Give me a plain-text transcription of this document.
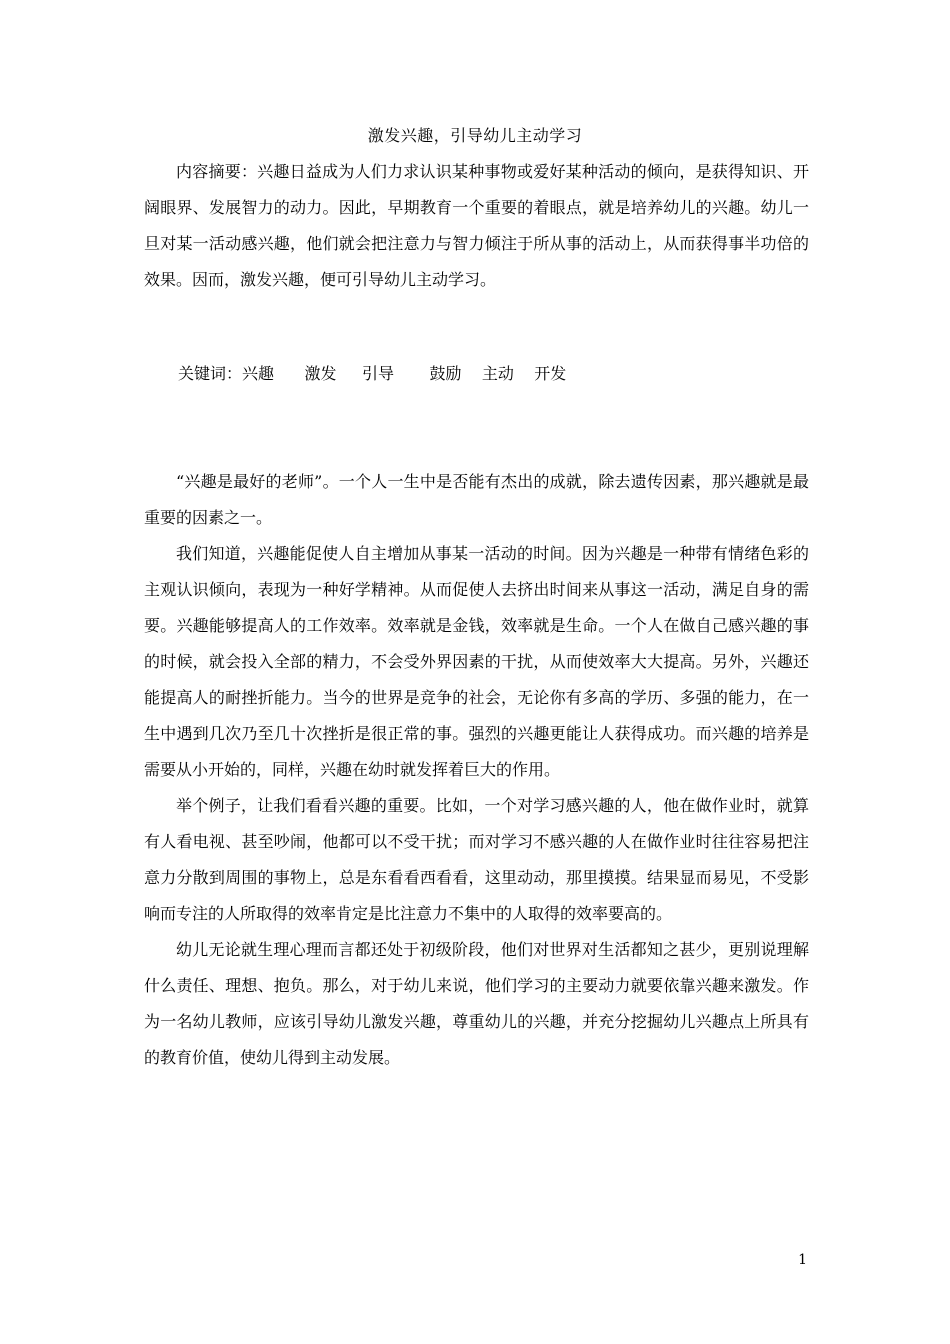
激发兴趣，引导幼儿主动学习

内容摘要：兴趣日益成为人们力求认识某种事物或爱好某种活动的倾向，是获得知识、开阔眼界、发展智力的动力。因此，早期教育一个重要的着眼点，就是培养幼儿的兴趣。幼儿一旦对某一活动感兴趣，他们就会把注意力与智力倾注于所从事的活动上，从而获得事半功倍的效果。因而，激发兴趣，便可引导幼儿主动学习。

关键词：兴趣      激发     引导       鼓励    主动    开发

“兴趣是最好的老师”。一个人一生中是否能有杰出的成就，除去遗传因素，那兴趣就是最重要的因素之一。

我们知道，兴趣能促使人自主增加从事某一活动的时间。因为兴趣是一种带有情绪色彩的主观认识倾向，表现为一种好学精神。从而促使人去挤出时间来从事这一活动，满足自身的需要。兴趣能够提高人的工作效率。效率就是金钱，效率就是生命。一个人在做自己感兴趣的事的时候，就会投入全部的精力，不会受外界因素的干扰，从而使效率大大提高。另外，兴趣还能提高人的耐挫折能力。当今的世界是竞争的社会，无论你有多高的学历、多强的能力，在一生中遇到几次乃至几十次挫折是很正常的事。强烈的兴趣更能让人获得成功。而兴趣的培养是需要从小开始的，同样，兴趣在幼时就发挥着巨大的作用。

举个例子，让我们看看兴趣的重要。比如，一个对学习感兴趣的人，他在做作业时，就算有人看电视、甚至吵闹，他都可以不受干扰；而对学习不感兴趣的人在做作业时往往容易把注意力分散到周围的事物上，总是东看看西看看，这里动动，那里摸摸。结果显而易见，不受影响而专注的人所取得的效率肯定是比注意力不集中的人取得的效率要高的。

幼儿无论就生理心理而言都还处于初级阶段，他们对世界对生活都知之甚少，更别说理解什么责任、理想、抱负。那么，对于幼儿来说，他们学习的主要动力就要依靠兴趣来激发。作为一名幼儿教师，应该引导幼儿激发兴趣，尊重幼儿的兴趣，并充分挖掘幼儿兴趣点上所具有的教育价值，使幼儿得到主动发展。

1
